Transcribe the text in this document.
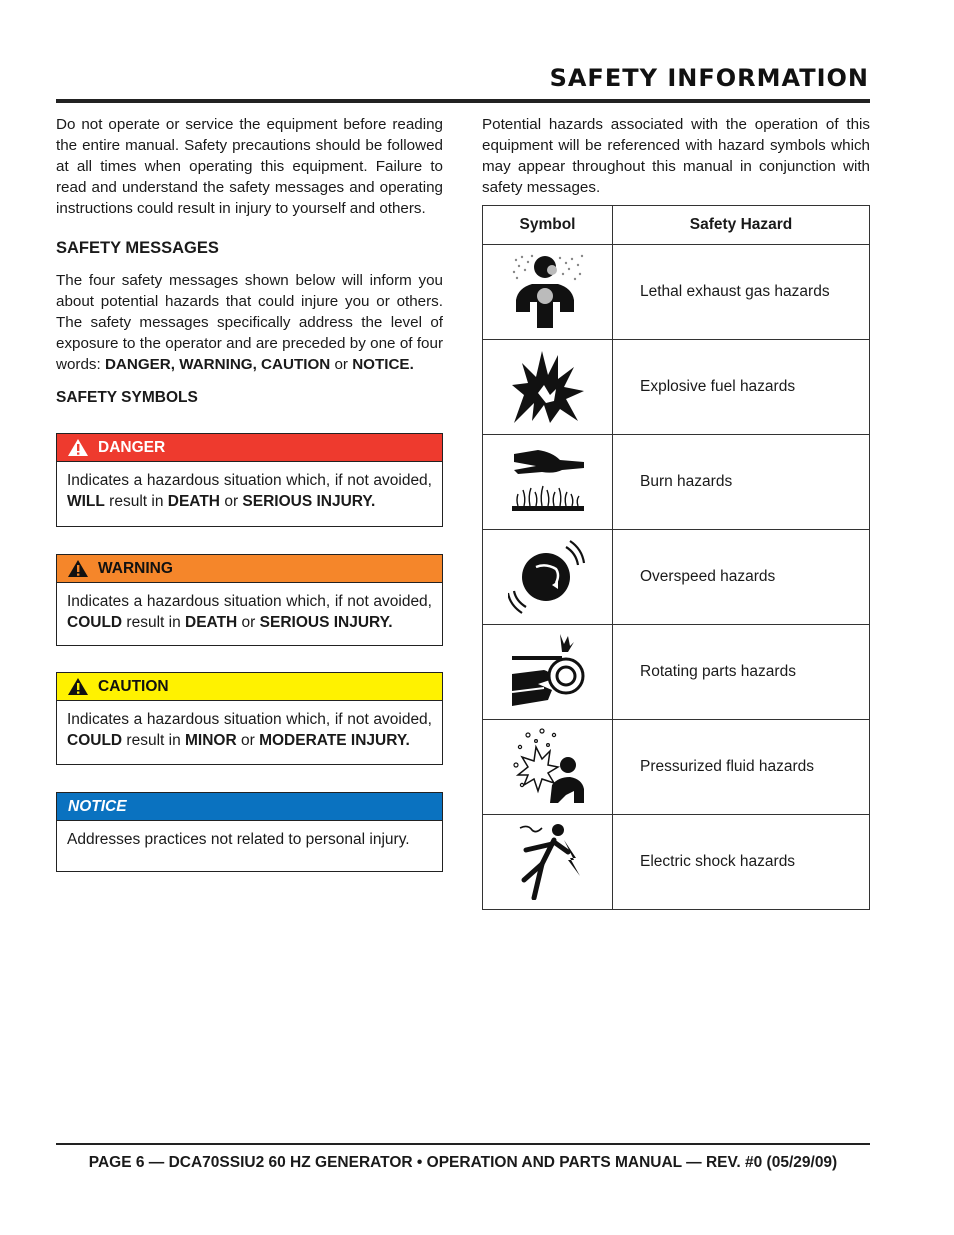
SAFETY INFORMATION

Do not operate or service the equipment before reading the entire manual. Safety precautions should be followed at all times when operating this equipment. Failure to read and understand the safety messages and operating instructions could result in injury to yourself and others.

SAFETY MESSAGES

The four safety messages shown below will inform you about potential hazards that could injure you or others. The safety messages specifically address the level of exposure to the operator and are preceded by one of four words: DANGER, WARNING, CAUTION or NOTICE.

SAFETY SYMBOLS
DANGER
Indicates a hazardous situation which, if not avoided, WILL result in DEATH or SERIOUS INJURY.
WARNING
Indicates a hazardous situation which, if not avoided, COULD result in DEATH or SERIOUS INJURY.
CAUTION
Indicates a hazardous situation which, if not avoided, COULD result in MINOR or MODERATE INJURY.
NOTICE
Addresses practices not related to personal injury.

Potential hazards associated with the operation of this equipment will be referenced with hazard symbols which may appear throughout this manual in conjunction with safety messages.

Symbol	Safety Hazard
	Lethal exhaust gas hazards
	Explosive fuel hazards
	Burn hazards
	Overspeed hazards
	Rotating parts hazards
	Pressurized fluid hazards
	Electric shock hazards
PAGE 6 — DCA70SSIU2 60 HZ GENERATOR • OPERATION AND PARTS MANUAL — REV. #0 (05/29/09)
